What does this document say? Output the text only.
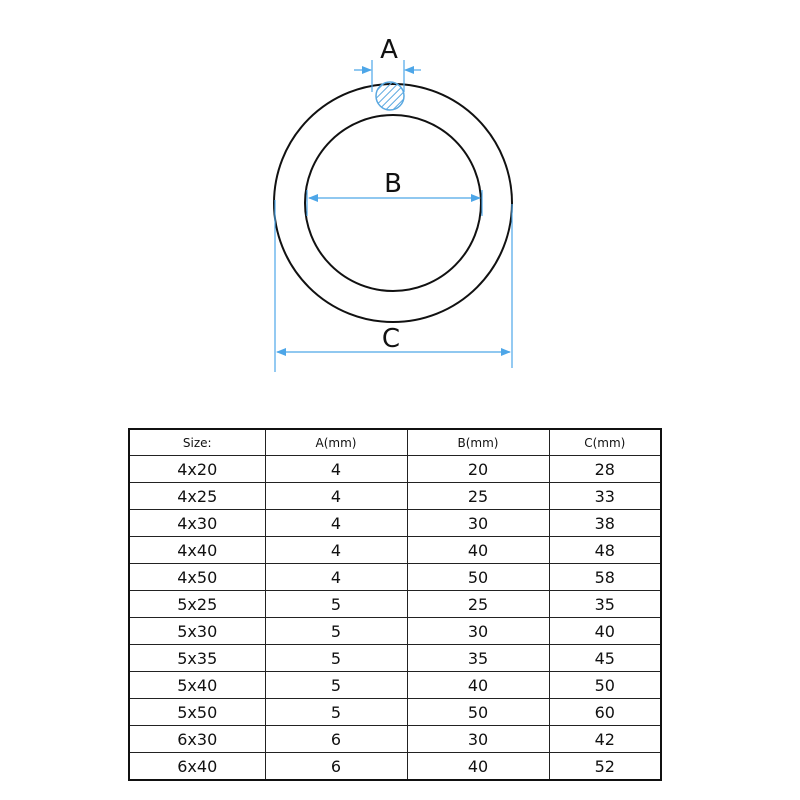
A
B
C
Size:	A(mm)	B(mm)	C(mm)
4x20	4	20	28
4x25	4	25	33
4x30	4	30	38
4x40	4	40	48
4x50	4	50	58
5x25	5	25	35
5x30	5	30	40
5x35	5	35	45
5x40	5	40	50
5x50	5	50	60
6x30	6	30	42
6x40	6	40	52
